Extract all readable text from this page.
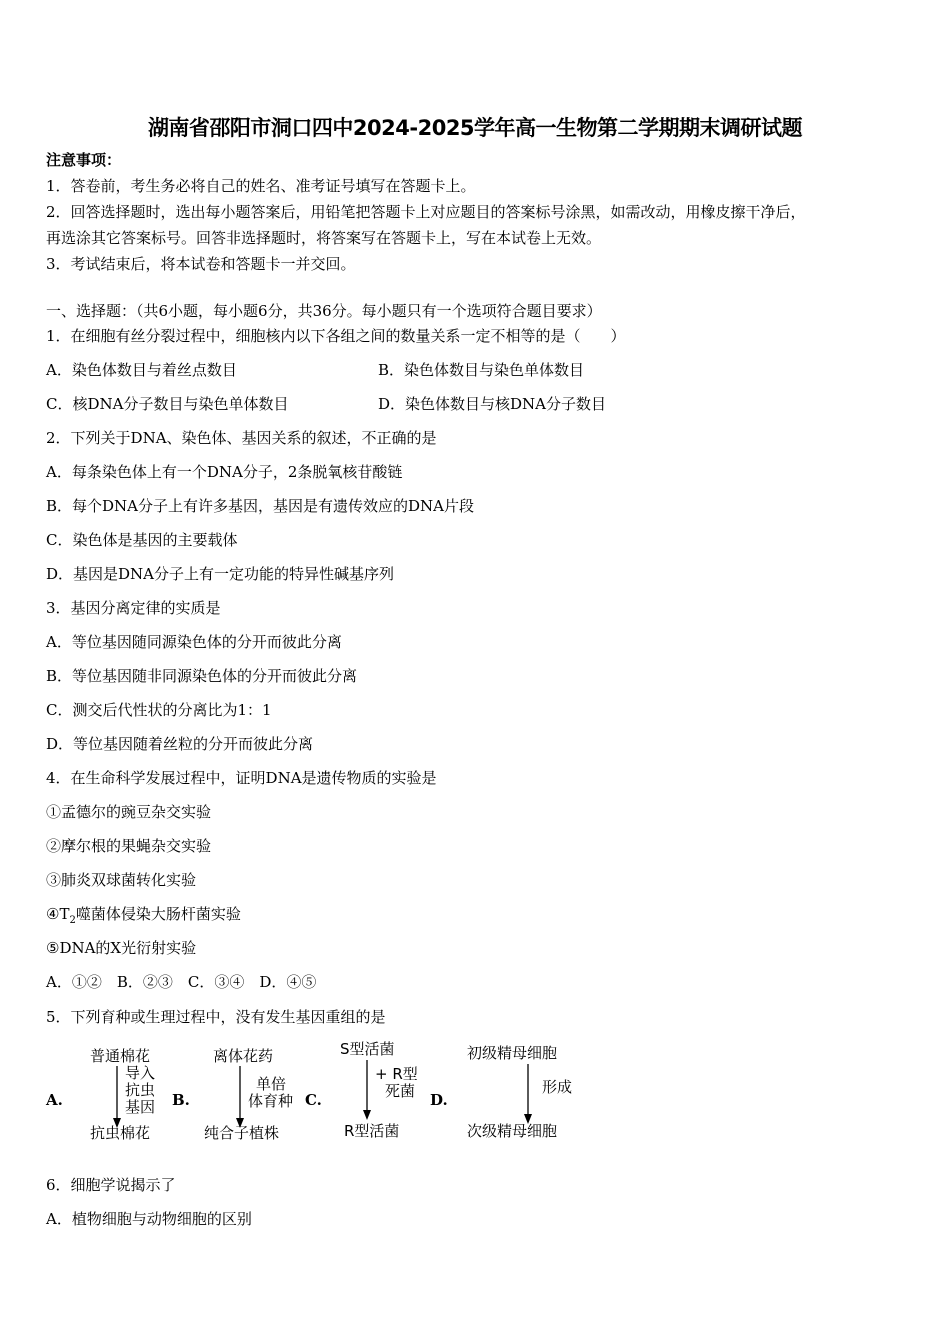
湖南省邵阳市洞口四中2024-2025学年高一生物第二学期期末调研试题
注意事项：
1．答卷前，考生务必将自己的姓名、准考证号填写在答题卡上。
2．回答选择题时，选出每小题答案后，用铅笔把答题卡上对应题目的答案标号涂黑，如需改动，用橡皮擦干净后，
再选涂其它答案标号。回答非选择题时，将答案写在答题卡上，写在本试卷上无效。
3．考试结束后，将本试卷和答题卡一并交回。
一、选择题：（共6小题，每小题6分，共36分。每小题只有一个选项符合题目要求）
1．在细胞有丝分裂过程中，细胞核内以下各组之间的数量关系一定不相等的是（　　）
A．染色体数目与着丝点数目	B．染色体数目与染色单体数目
C．核DNA分子数目与染色单体数目	D．染色体数目与核DNA分子数目
2．下列关于DNA、染色体、基因关系的叙述，不正确的是
A．每条染色体上有一个DNA分子，2条脱氧核苷酸链
B．每个DNA分子上有许多基因，基因是有遗传效应的DNA片段
C．染色体是基因的主要载体
D．基因是DNA分子上有一定功能的特异性碱基序列
3．基因分离定律的实质是
A．等位基因随同源染色体的分开而彼此分离
B．等位基因随非同源染色体的分开而彼此分离
C．测交后代性状的分离比为1：1
D．等位基因随着丝粒的分开而彼此分离
4．在生命科学发展过程中，证明DNA是遗传物质的实验是
①孟德尔的豌豆杂交实验
②摩尔根的果蝇杂交实验
③肺炎双球菌转化实验
$④T_2$噬菌体侵染大肠杆菌实验
⑤DNA的X光衍射实验
A．①②　B．②③　C．③④　D．④⑤
5．下列育种或生理过程中，没有发生基因重组的是
A.	B.	C.	D.
普通棉花
导入
抗虫
基因
抗虫棉花
离体花药
单倍
体育种
纯合子植株
S型活菌
+ R型
死菌
R型活菌
初级精母细胞
形成
次级精母细胞
6．细胞学说揭示了
A．植物细胞与动物细胞的区别
